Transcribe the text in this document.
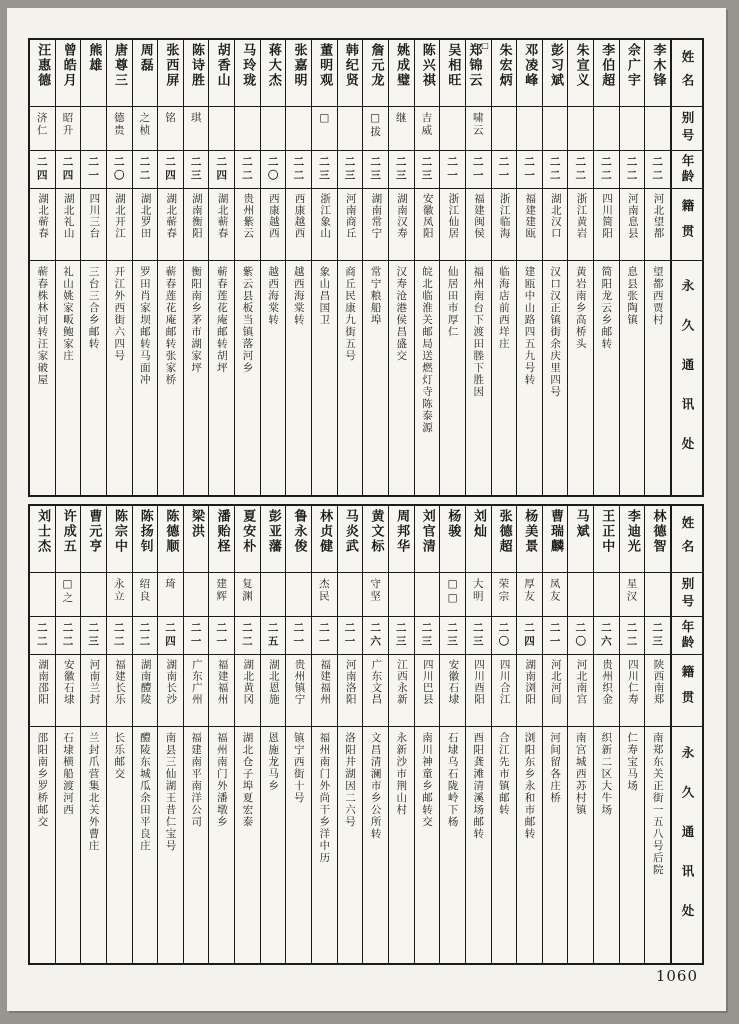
姓名
别号
年龄
籍贯
永久通讯处
李木锋
二二
河北望都
望都西贾村
佘广宇
二二
河南息县
息县张陶镇
李伯超
二二
四川简阳
简阳龙云乡邮转
朱宣义
二二
浙江黄岩
黄岩南乡高桥头
彭习斌
二二
湖北汉口
汉口汉正镇街余庆里四号
邓凌峰
二一
福建建瓯
建瓯中山路四五九号转
朱宏炳
二一
浙江临海
临海店前西垟庄
郑锦云 □
啸云
二一
福建闽侯
福州南台下渡田塍下胜因
吴相旺
二一
浙江仙居
仙居田市厚仁
陈兴祺
吉威
二三
安徽凤阳
皖北临淮关邮局送燃灯寺陈泰源
姚成璧
继
二三
湖南汉寿
汉寿沧港侯昌盛交
詹元龙
□拔
二三
湖南常宁
常宁粮船埠
韩纪贤
二三
河南商丘
商丘民康九街五号
董明观
□
二三
浙江象山
象山昌国卫
张嘉明
二二
西康越西
越西海棠转
蒋大杰
二〇
西康越西
越西海棠转
马玲珑
二二
贵州紫云
紫云县板当镇落河乡
胡香山
二四
湖北蕲春
蕲春莲花庵邮转胡坪
陈诗胜
琪
二三
湖南衡阳
衡阳南乡茅市湖家坪
张西屏
铭
二四
湖北蕲春
蕲春莲花庵邮转张家桥
周磊
之桢
二二
湖北罗田
罗田肖家坝邮转马面冲
唐尊三
德贵
二〇
湖北开江
开江外西街六四号
熊雄
二一
四川三台
三台三合乡邮转
曾皓月
昭升
二四
湖北礼山
礼山姚家畈鲍家庄
汪惠德
济仁
二四
湖北蕲春
蕲春株林河转汪家破屋
姓名
别号
年龄
籍贯
永久通讯处
林德智
二三
陕西南郑
南郑东关正街一五八号后院
李迪光
星汉
二二
四川仁寿
仁寿宝马场
王正中
二六
贵州织金
织新二区大牛场
马斌
二〇
河北南宫
南宫城西苏村镇
曹瑞麟
凤友
二一
河北河间
河间留各庄桥
杨美景
厚友
二四
湖南浏阳
浏阳东乡永和市邮转
张德超
荣宗
二〇
四川合江
合江先市镇邮转
刘灿
大明
二三
四川酉阳
酉阳龚滩清溪场邮转
杨骏
□□
二三
安徽石埭
石埭乌石陇岭下杨
刘官清
二三
四川巴县
南川神童乡邮转交
周邦华
二三
江西永新
永新沙市荆山村
黄文标
守坚
二六
广东文昌
文昌清澜市乡公所转
马炎武
二一
河南洛阳
洛阳井湖因二六号
林贞健
杰民
二一
福建福州
福州南门外尚干乡洋中历
鲁永俊
二一
贵州镇宁
镇宁西街十号
彭亚藩
二五
湖北恩施
恩施龙马乡
夏安朴
复渊
二二
湖北黄冈
湖北仓子埠夏宏泰
潘贻柽
建辉
二一
福建福州
福州南门外潘墩乡
梁洪
二一
广东广州
福建南平南洋公司
陈德顺
琦
二四
湖南长沙
南县三仙湖王昔仁宝号
陈扬钊
绍良
二二
湖南醴陵
醴陵东城瓜余田平良庄
陈宗中
永立
二二
福建长乐
长乐邮交
曹元亨
二三
河南兰封
兰封爪营集北关外曹庄
许成五
□之
二二
安徽石埭
石埭横船渡河西
刘士杰
二二
湖南邵阳
邵阳南乡罗桥邮交
1060
